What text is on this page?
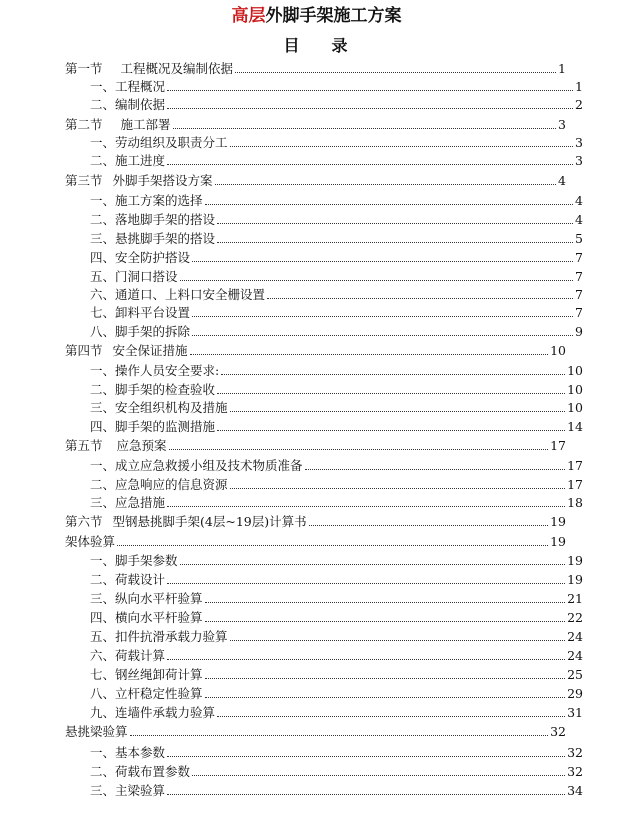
高层外脚手架施工方案
目 录
第一节 工程概况及编制依据	1
一、工程概况	1
二、编制依据	2
第二节 施工部署	3
一、劳动组织及职责分工	3
二、施工进度	3
第三节 外脚手架搭设方案	4
一、施工方案的选择	4
二、落地脚手架的搭设	4
三、悬挑脚手架的搭设	5
四、安全防护搭设	7
五、门洞口搭设	7
六、通道口、上料口安全栅设置	7
七、卸料平台设置	7
八、脚手架的拆除	9
第四节 安全保证措施	10
一、操作人员安全要求:	10
二、脚手架的检查验收	10
三、安全组织机构及措施	10
四、脚手架的监测措施	14
第五节 应急预案	17
一、成立应急救援小组及技术物质准备	17
二、应急响应的信息资源	17
三、应急措施	18
第六节 型钢悬挑脚手架(4层~19层)计算书	19
架体验算	19
一、脚手架参数	19
二、荷载设计	19
三、纵向水平杆验算	21
四、横向水平杆验算	22
五、扣件抗滑承载力验算	24
六、荷载计算	24
七、钢丝绳卸荷计算	25
八、立杆稳定性验算	29
九、连墙件承载力验算	31
悬挑梁验算	32
一、基本参数	32
二、荷载布置参数	32
三、主梁验算	34
